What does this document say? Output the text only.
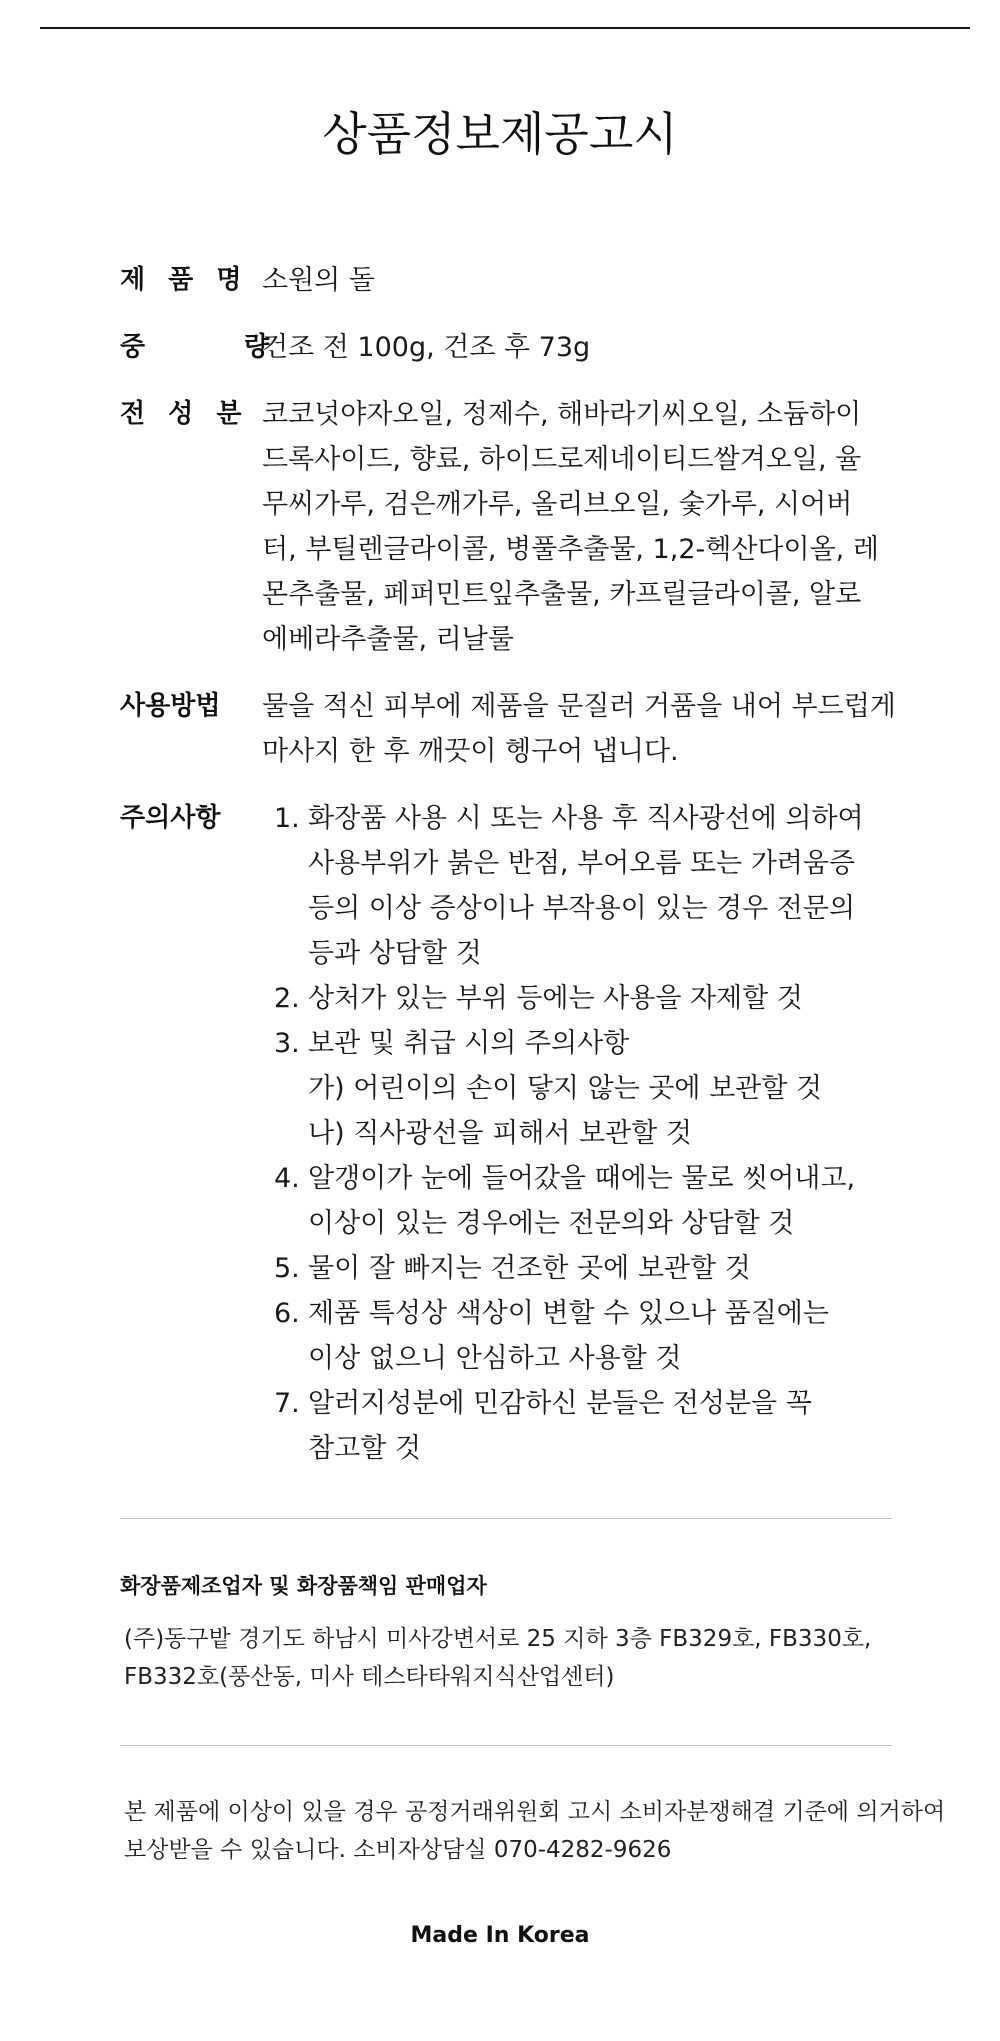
상품정보제공고시
제 품 명 소원의 돌
중 량
건조 전 100g, 건조 후 73g
전 성 분 코코넛야자오일, 정제수, 해바라기씨오일, 소듐하이
드록사이드, 향료, 하이드로제네이티드쌀겨오일, 율
무씨가루, 검은깨가루, 올리브오일, 숯가루, 시어버
터, 부틸렌글라이콜, 병풀추출물, 1,2-헥산다이올, 레
몬추출물, 페퍼민트잎추출물, 카프릴글라이콜, 알로
에베라추출물, 리날룰
사용방법	물을 적신 피부에 제품을 문질러 거품을 내어 부드럽게
마사지 한 후 깨끗이 헹구어 냅니다.
주의사항	1. 화장품 사용 시 또는 사용 후 직사광선에 의하여
사용부위가 붉은 반점, 부어오름 또는 가려움증
등의 이상 증상이나 부작용이 있는 경우 전문의
등과 상담할 것
2. 상처가 있는 부위 등에는 사용을 자제할 것
3. 보관 및 취급 시의 주의사항
가) 어린이의 손이 닿지 않는 곳에 보관할 것
나) 직사광선을 피해서 보관할 것
4. 알갱이가 눈에 들어갔을 때에는 물로 씻어내고,
이상이 있는 경우에는 전문의와 상담할 것
5. 물이 잘 빠지는 건조한 곳에 보관할 것
6. 제품 특성상 색상이 변할 수 있으나 품질에는
이상 없으니 안심하고 사용할 것
7. 알러지성분에 민감하신 분들은 전성분을 꼭
참고할 것
화장품제조업자 및 화장품책임 판매업자
(주)동구밭 경기도 하남시 미사강변서로 25 지하 3층 FB329호, FB330호,
FB332호(풍산동, 미사 테스타타워지식산업센터)
본 제품에 이상이 있을 경우 공정거래위원회 고시 소비자분쟁해결 기준에 의거하여
보상받을 수 있습니다. 소비자상담실 070-4282-9626
Made In Korea
